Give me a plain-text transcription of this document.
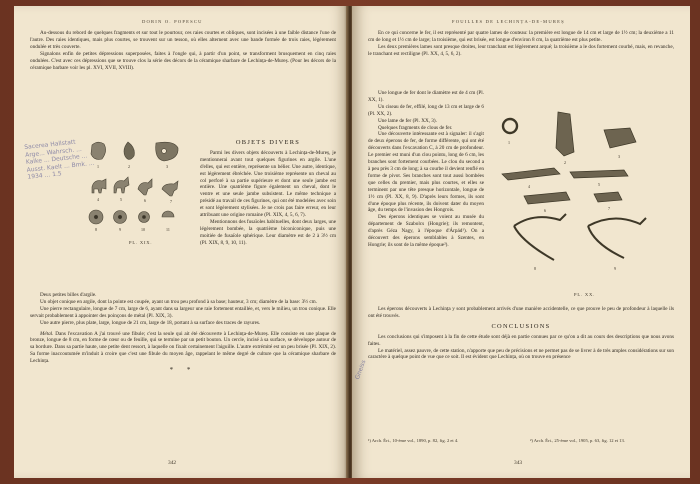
DORIN O. POPESCU

Au-dessous du rebord de quelques fragments et sur tout le pourtour, ces raies courtes et obliques, sont incisées à une faible distance l'une de l'autre. Des raies identiques, mais plus courtes, se trouvent sur un tesson, où elles alternent avec une bande formée de trois raies, légèrement ondulée et très couverte.

Signalons enfin de petites dépressions superposées, faites à l'ongle qui, à partir d'un point, se transforment brusquement en cinq raies ondulées. C'est avec ces dépressions que se trouve clos la série des décors de la céramique sharbare de Lechința-de-Mureș. (Pour les décors de la céramique barbare voir les pl. XVI, XVII, XVIII).

1	2	3
4	5	6	7
8	9	10	11
PL. XIX.
OBJETS DIVERS

Parmi les divers objets découverts à Lechința-de-Mureș, je mentionnerai avant tout quelques figurines en argile. L'une d'elles, qui est entière, représente un bélier. Une autre, identique, est légèrement ébréchée. Une troisième représente un cheval au col perforé à sa partie supérieure et dont une seule jambe est entière. Une quatrième figure également un cheval, dont le ventre et une seule jambe subsistent. Le même technique a présidé au travail de ces figurines, qui ont été modelées avec soin et sont légèrement stylisées. Je ne crois pas faire erreur, en leur attribuant une origine romaine (Pl. XIX, 4, 5, 6, 7).

Mentionnons des fusaïoles habituelles, dont deux larges, une légèrement bombée, la quatrième biconiconique, puis une moitiée de fusaïole sphérique. Leur diamètre est de 2 à 3½ cm (Pl. XIX, 8, 9, 10, 11).

Deux petites billes d'argile.

Un objet conique en argile, dont la pointe est coupée, ayant un trou peu profond à sa base; hauteur, 3 cm; diamètre de la base: 3½ cm.

Une pierre rectangulaire, longue de 7 cm, large de 6, ayant dans sa largeur une raie fortement entaillée, et, vers le milieu, un trou conique. Elle servait probablement à appointer des poinçons de métal (Pl. XIX, 3).

Une autre pierre, plus plate, large, longue de 21 cm, large de 18, portant à sa surface des traces de rayures.

Métal. Dans l'excavation A j'ai trouvé une fibule; c'est la seule qui ait été découverte à Lechința-de-Mureș. Elle consiste en une plaque de bronze, longue de 8 cm, en forme de cœur ou de feuille, qui se termine par un petit bouton. Un cercle, incisé à sa surface, se développe autour de sa bordure. Dans sa partie haute, une petite dent ressort, à laquelle on fixait certainement l'aiguille. L'autre extrémité est un peu brisée (Pl. XIX, 2). Sa forme inaccoutumée m'induit à croire que c'est une fibule du moyen âge, rappelant le même degré de culture que la céramique sharbare de Lechința.

* *
Sacerea Hallstatt Arge... Wahrsch. ... Kalke ... Deutsche ... Ausst. Kaelt ... Bmk. ... 1934 ... 1.5
342
FOUILLES DE LECHINȚA-DE-MUREȘ

En ce qui concerne le fer, il est représenté par quatre lames de couteau: la première est longue de 14 cm et large de 1½ cm; la deuxième a 11 cm de long et 1½ cm de large; la troisième, qui est brisée, est longue d'environ 8 cm, la quatrième est plus petite.

Les deux premières lames sont presque droites, leur tranchant est légèrement arqué; la troisième a le dos fortement courbé, mais, en revanche, le tranchant est rectiligne (Pl. XX, 4, 5, 6, 2).

Une longue de fer dont le diamètre est de 4 cm (Pl. XX, 1).

Un ciseau de fer, effilé, long de 13 cm et large de 6 (Pl. XX, 2).

Une lame de fer (Pl. XX, 3).

Quelques fragments de clous de fer.

Une découverte intéressante est à signaler: il s'agit de deux éperons de fer, de forme différente, qui ont été découverts dans l'excavation C, à 20 cm de profondeur. Le premier est muni d'un clou pointu, long de 6 cm, les branches sont fortement courbées. Le clou du second a à peu près 3 cm de long; à sa courbe il devient renflé en forme de pivot. Ses branches sont tout aussi bombées que celles du premier, mais plus courtes, et elles se terminent par une tête presque horizontale, longue de 1½ cm (Pl. XX, 8, 9). D'après leurs formes, ils sont d'une époque plus récente, ils doivent dater du moyen âge, du temps de l'invasion des Hongrois.

Des éperons identiques se voient au musée du département de Szabolcs (Hongrie); ils remontent, d'après Géza Nagy, à l'époque d'Árpád¹). On a découvert des éperons semblables à Szentes, en Hongrie; ils sont de la même époque²).

1
2
3
4	5
6	7
8	9
PL. XX.

Les éperons découverts à Lechința y sont probablement arrivés d'une manière accidentelle, ce que prouve le peu de profondeur à laquelle ils ont été trouvés.

CONCLUSIONS

Les conclusions qui s'imposent à la fin de cette étude sont déjà en partie connues par ce qu'on a dit au cours des descriptions que nous avons faites.

Le matériel, assez pauvre, de cette station, n'apporte que peu de précisions et ne permet pas de se livrer à de très amples considérations sur son caractère à quelque point de vue que ce soit. Il est évident que Lechința, où on trouve en présence

¹) Arch. Ért., 10-ème vol., 1890, p. 82, fig. 2 et 4.	²) Arch. Ért., 25-ème vol., 1905, p. 63, fig. 12 et 13.
Gneiss
343
